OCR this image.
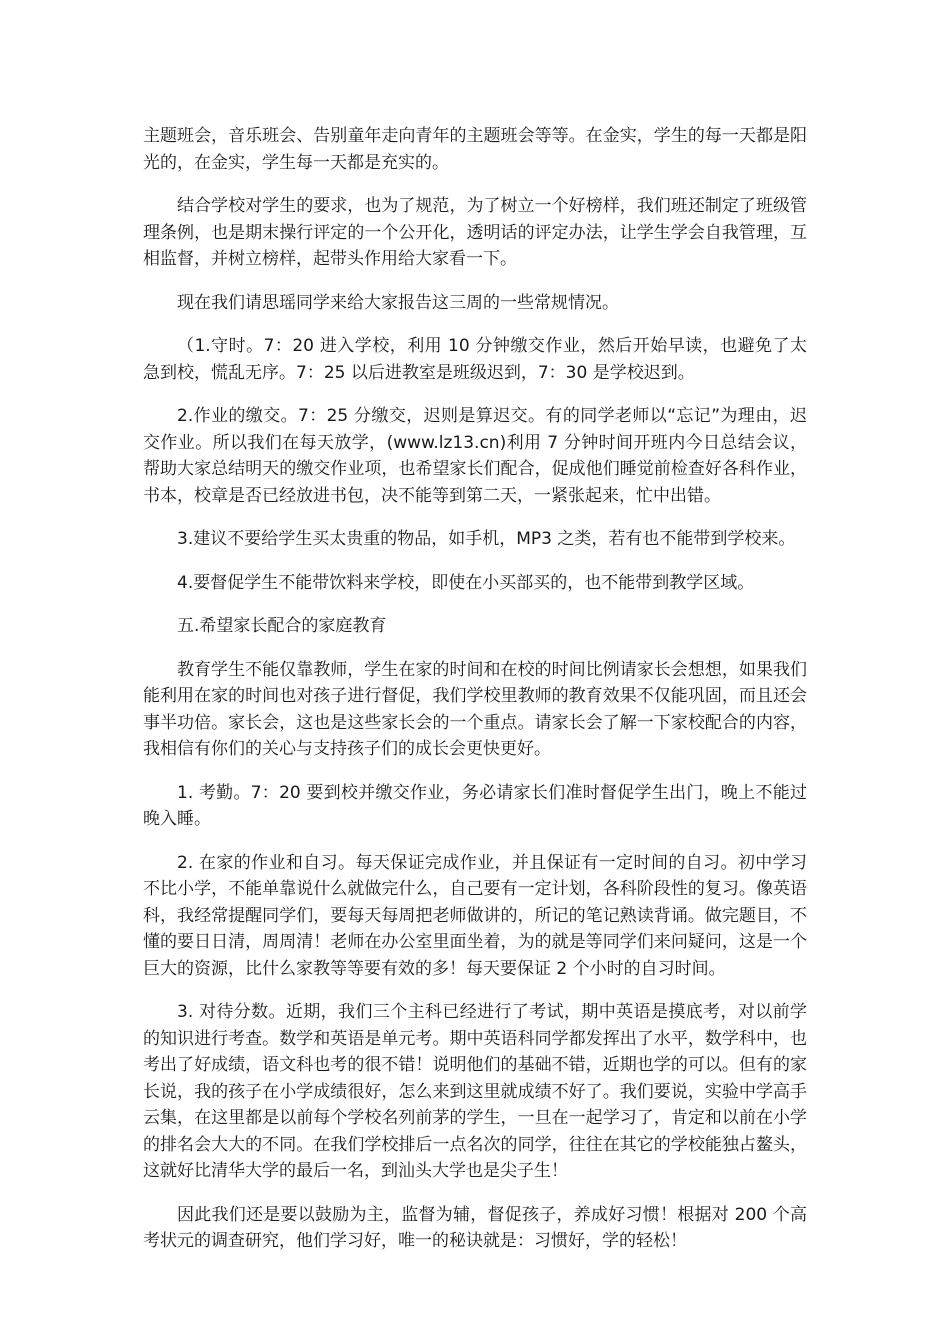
主题班会，音乐班会、告别童年走向青年的主题班会等等。在金实，学生的每一天都是阳光的，在金实，学生每一天都是充实的。

结合学校对学生的要求，也为了规范，为了树立一个好榜样，我们班还制定了班级管理条例，也是期末操行评定的一个公开化，透明话的评定办法，让学生学会自我管理，互相监督，并树立榜样，起带头作用给大家看一下。

现在我们请思瑶同学来给大家报告这三周的一些常规情况。

（1.守时。7：20 进入学校，利用 10 分钟缴交作业，然后开始早读，也避免了太急到校，慌乱无序。7：25 以后进教室是班级迟到，7：30 是学校迟到。

2.作业的缴交。7：25 分缴交，迟则是算迟交。有的同学老师以“忘记”为理由，迟交作业。所以我们在每天放学，(www.lz13.cn)利用 7 分钟时间开班内今日总结会议，帮助大家总结明天的缴交作业项，也希望家长们配合，促成他们睡觉前检查好各科作业，书本，校章是否已经放进书包，决不能等到第二天，一紧张起来，忙中出错。

3.建议不要给学生买太贵重的物品，如手机，MP3 之类，若有也不能带到学校来。

4.要督促学生不能带饮料来学校，即使在小买部买的，也不能带到教学区域。

五.希望家长配合的家庭教育

教育学生不能仅靠教师，学生在家的时间和在校的时间比例请家长会想想，如果我们能利用在家的时间也对孩子进行督促，我们学校里教师的教育效果不仅能巩固，而且还会事半功倍。家长会，这也是这些家长会的一个重点。请家长会了解一下家校配合的内容，我相信有你们的关心与支持孩子们的成长会更快更好。

1. 考勤。7：20 要到校并缴交作业，务必请家长们准时督促学生出门，晚上不能过晚入睡。

2. 在家的作业和自习。每天保证完成作业，并且保证有一定时间的自习。初中学习不比小学，不能单靠说什么就做完什么，自己要有一定计划，各科阶段性的复习。像英语科，我经常提醒同学们，要每天每周把老师做讲的，所记的笔记熟读背诵。做完题目，不懂的要日日清，周周清！老师在办公室里面坐着，为的就是等同学们来问疑问，这是一个巨大的资源，比什么家教等等要有效的多！每天要保证 2 个小时的自习时间。

3. 对待分数。近期，我们三个主科已经进行了考试，期中英语是摸底考，对以前学的知识进行考查。数学和英语是单元考。期中英语科同学都发挥出了水平，数学科中，也考出了好成绩，语文科也考的很不错！说明他们的基础不错，近期也学的可以。但有的家长说，我的孩子在小学成绩很好，怎么来到这里就成绩不好了。我们要说，实验中学高手云集，在这里都是以前每个学校名列前茅的学生，一旦在一起学习了，肯定和以前在小学的排名会大大的不同。在我们学校排后一点名次的同学，往往在其它的学校能独占鳌头，这就好比清华大学的最后一名，到汕头大学也是尖子生！

因此我们还是要以鼓励为主，监督为辅，督促孩子，养成好习惯！根据对 200 个高考状元的调查研究，他们学习好，唯一的秘诀就是：习惯好，学的轻松！
